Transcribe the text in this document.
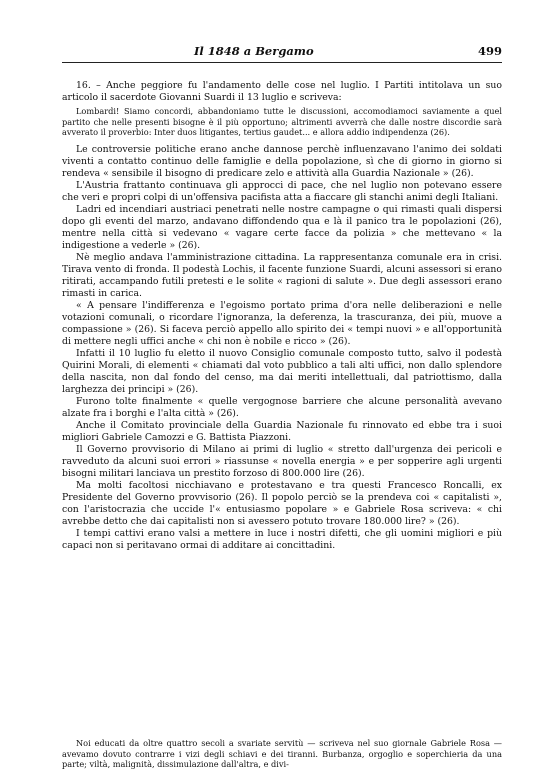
Il 1848 a Bergamo	499

16. – Anche peggiore fu l'andamento delle cose nel luglio. I Partiti intitolava un suo articolo il sacerdote Giovanni Suardi il 13 luglio e scriveva:

Lombardi! Siamo concordi, abbandoniamo tutte le discussioni, accomodiamoci saviamente a quel partito che nelle presenti bisogne è il più opportuno; altrimenti avverrà che dalle nostre discordie sarà avverato il proverbio: Inter duos litigantes, tertius gaudet... e allora addio indipendenza (26).

Le controversie politiche erano anche dannose perchè influenzavano l'animo dei soldati viventi a contatto continuo delle famiglie e della popolazione, sì che di giorno in giorno si rendeva « sensibile il bisogno di predicare zelo e attività alla Guardia Nazionale » (26).

L'Austria frattanto continuava gli approcci di pace, che nel luglio non potevano essere che veri e propri colpi di un'offensiva pacifista atta a fiaccare gli stanchi animi degli Italiani.

Ladri ed incendiari austriaci penetrati nelle nostre campagne o qui rimasti quali dispersi dopo gli eventi del marzo, andavano diffondendo qua e là il panico tra le popolazioni (26), mentre nella città si vedevano « vagare certe facce da polizia » che mettevano « la indigestione a vederle » (26).

Nè meglio andava l'amministrazione cittadina. La rappresentanza comunale era in crisi. Tirava vento di fronda. Il podestà Lochis, il facente funzione Suardi, alcuni assessori si erano ritirati, accampando futili pretesti e le solite « ragioni di salute ». Due degli assessori erano rimasti in carica.

« A pensare l'indifferenza e l'egoismo portato prima d'ora nelle deliberazioni e nelle votazioni comunali, o ricordare l'ignoranza, la deferenza, la trascuranza, dei più, muove a compassione » (26). Si faceva perciò appello allo spirito dei « tempi nuovi » e all'opportunità di mettere negli uffici anche « chi non è nobile e ricco » (26).

Infatti il 10 luglio fu eletto il nuovo Consiglio comunale composto tutto, salvo il podestà Quirini Morali, di elementi « chiamati dal voto pubblico a tali alti uffici, non dallo splendore della nascita, non dal fondo del censo, ma dai meriti intellettuali, dal patriottismo, dalla larghezza dei principi » (26).

Furono tolte finalmente « quelle vergognose barriere che alcune personalità avevano alzate fra i borghi e l'alta città » (26).

Anche il Comitato provinciale della Guardia Nazionale fu rinnovato ed ebbe tra i suoi migliori Gabriele Camozzi e G. Battista Piazzoni.

Il Governo provvisorio di Milano ai primi di luglio « stretto dall'urgenza dei pericoli e ravveduto da alcuni suoi errori » riassunse « novella energia » e per sopperire agli urgenti bisogni militari lanciava un prestito forzoso di 800.000 lire (26).

Ma molti facoltosi nicchiavano e protestavano e tra questi Francesco Roncalli, ex Presidente del Governo provvisorio (26). Il popolo perciò se la prendeva coi « capitalisti », con l'aristocrazia che uccide l'« entusiasmo popolare » e Gabriele Rosa scriveva: « chi avrebbe detto che dai capitalisti non si avessero potuto trovare 180.000 lire? » (26).

I tempi cattivi erano valsi a mettere in luce i nostri difetti, che gli uomini migliori e più capaci non si peritavano ormai di additare ai concittadini.

Noi educati da oltre quattro secoli a svariate servitù — scriveva nel suo giornale Gabriele Rosa — avevamo dovuto contrarre i vizi degli schiavi e dei tiranni. Burbanza, orgoglio e soperchieria da una parte; viltà, malignità, dissimulazione dall'altra, e divi-
